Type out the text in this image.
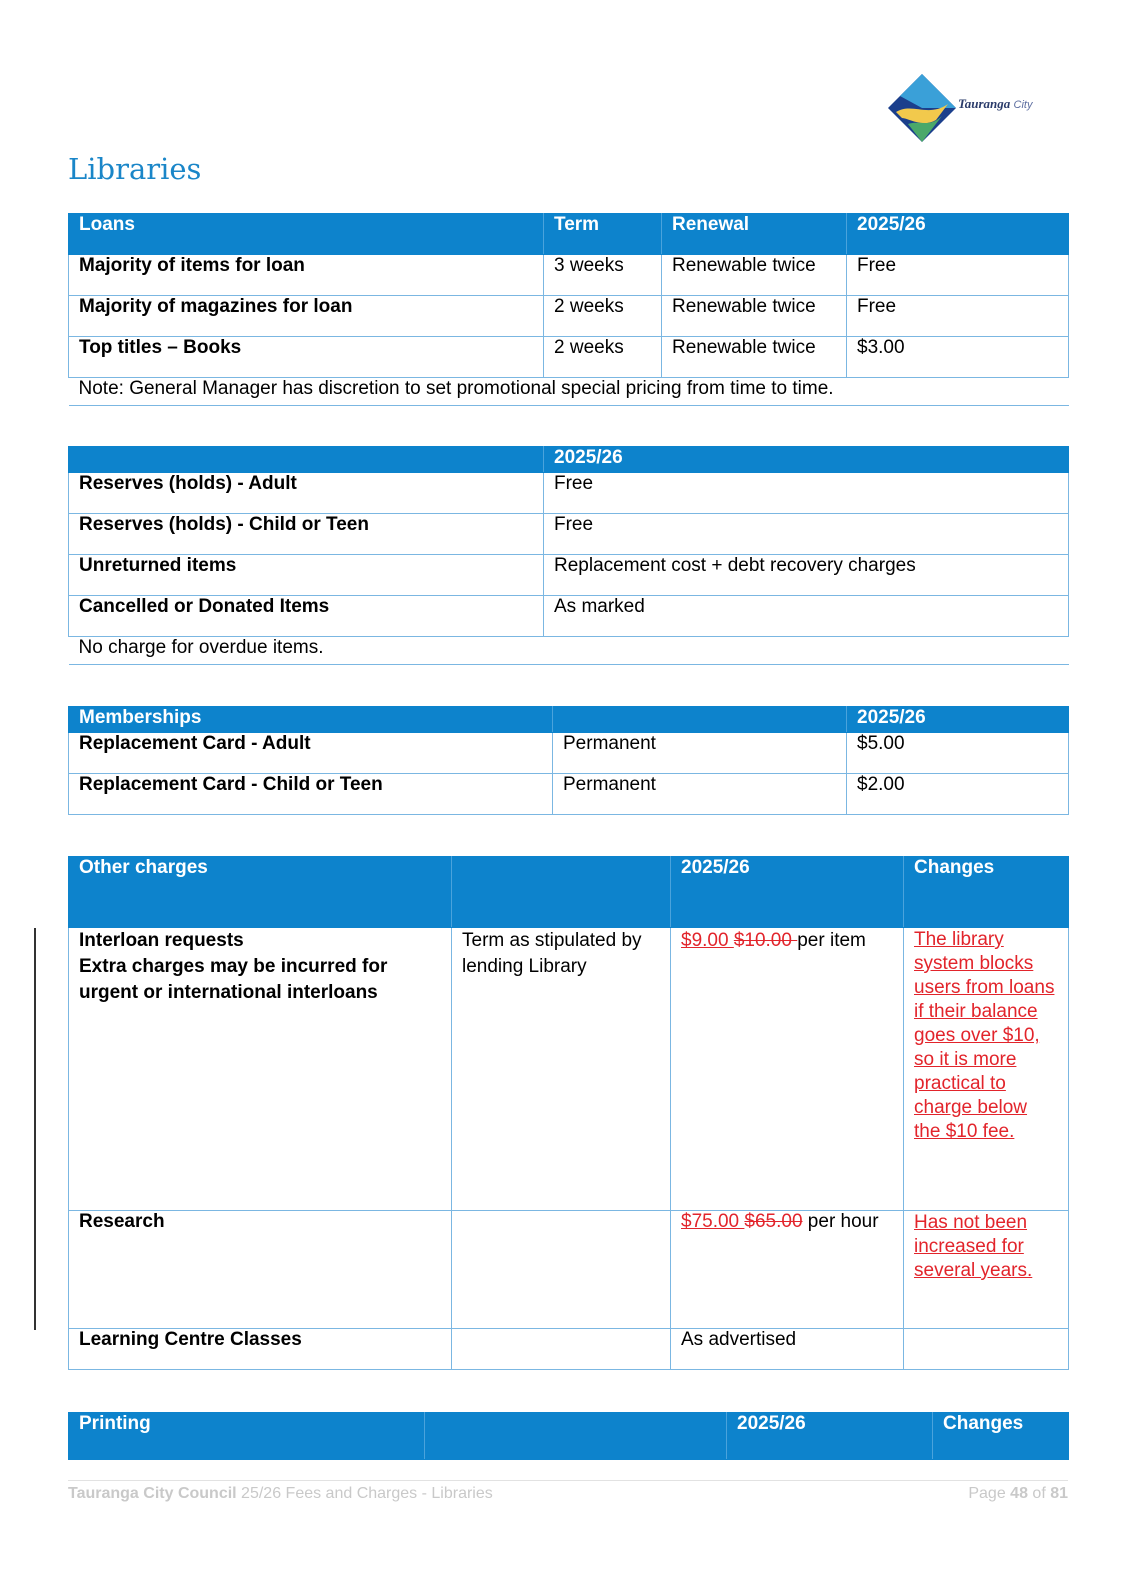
Tauranga City
Libraries
Loans	Term	Renewal	2025/26
Majority of items for loan	3 weeks	Renewable twice	Free
Majority of magazines for loan	2 weeks	Renewable twice	Free
Top titles – Books	2 weeks	Renewable twice	$3.00
Note: General Manager has discretion to set promotional special pricing from time to time.			
	2025/26
Reserves (holds) - Adult	Free
Reserves (holds) - Child or Teen	Free
Unreturned items	Replacement cost + debt recovery charges
Cancelled or Donated Items	As marked
No charge for overdue items.	
Memberships		2025/26
Replacement Card - Adult	Permanent	$5.00
Replacement Card - Child or Teen	Permanent	$2.00
Other charges		2025/26	Changes
Interloan requests
Extra charges may be incurred for urgent or international interloans	Term as stipulated by lending Library	$9.00 $10.00 per item	The library system blocks users from loans if their balance goes over $10, so it is more practical to charge below the $10 fee.
Research		$75.00 $65.00 per hour	Has not been increased for several years.
Learning Centre Classes		As advertised	
Printing		2025/26	Changes
Tauranga City Council 25/26 Fees and Charges - Libraries	Page 48 of 81
